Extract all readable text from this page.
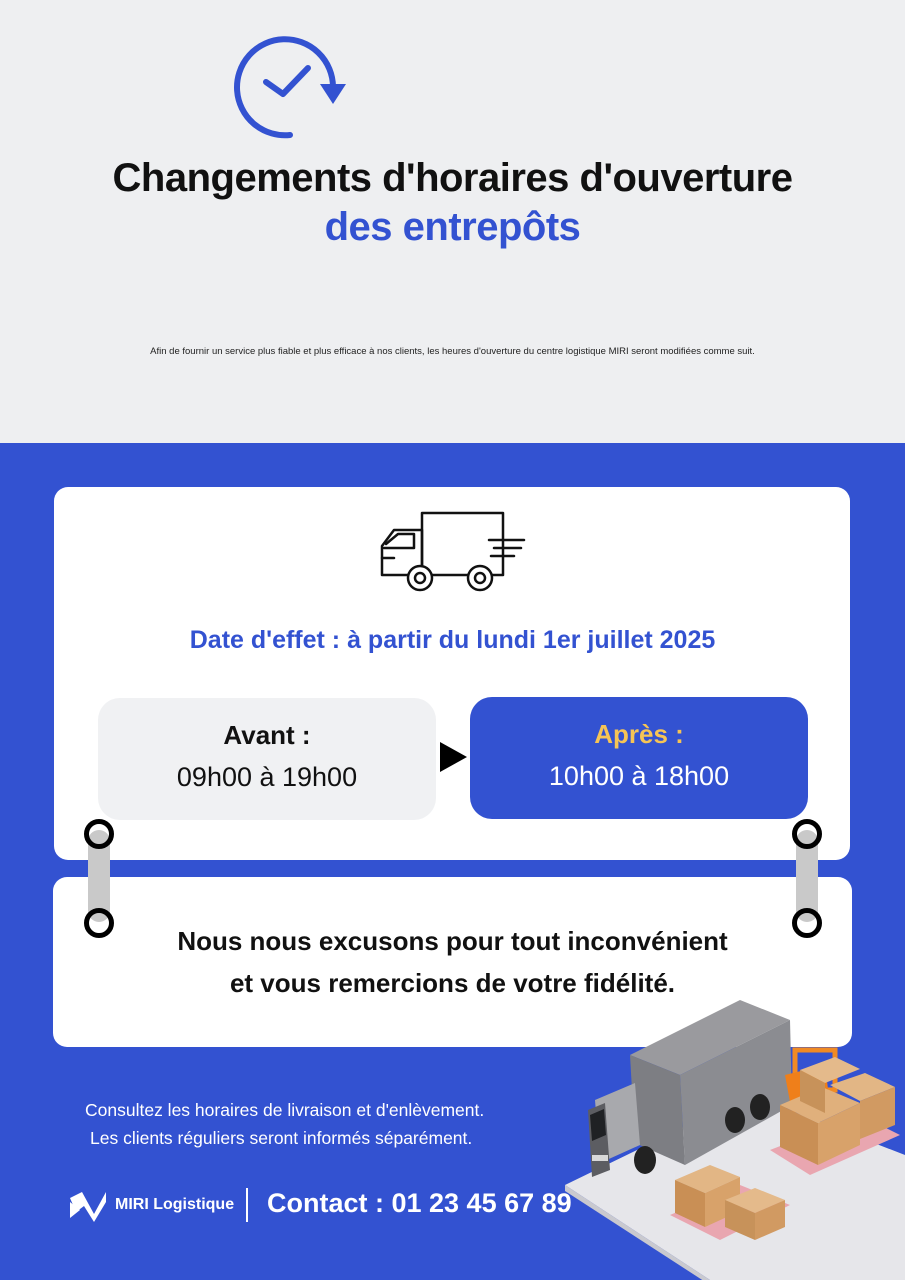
Changements d'horaires d'ouverture
des entrepôts
Afin de fournir un service plus fiable et plus efficace à nos clients, les heures d'ouverture du centre logistique MIRI seront modifiées comme suit.
Date d'effet : à partir du lundi 1er juillet 2025
Avant :
09h00 à 19h00
Après :
10h00 à 18h00
Nous nous excusons pour tout inconvénient
et vous remercions de votre fidélité.
Consultez les horaires de livraison et d'enlèvement.
Les clients réguliers seront informés séparément.
MIRI Logistique Contact : 01 23 45 67 89
